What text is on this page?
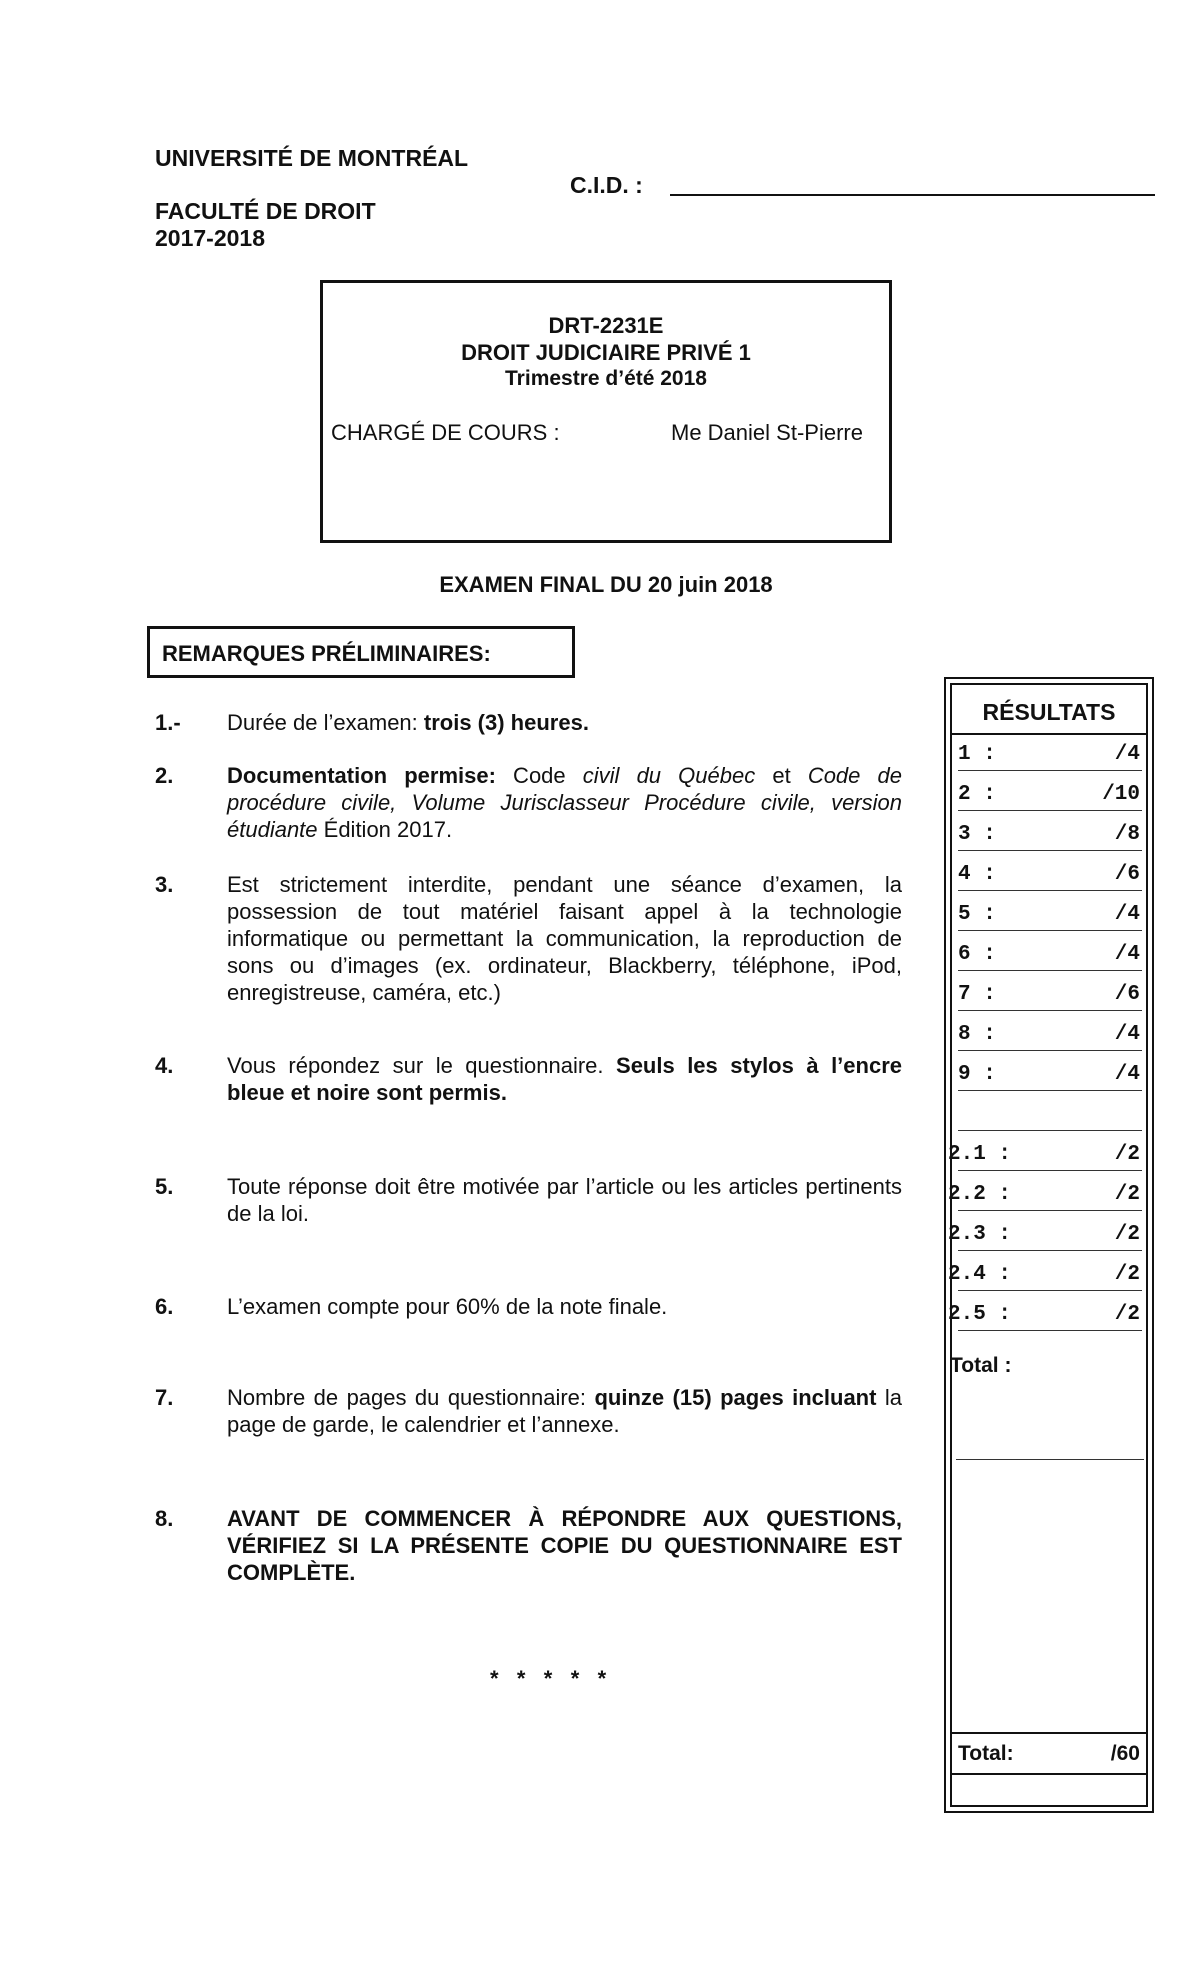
UNIVERSITÉ DE MONTRÉAL
FACULTÉ DE DROIT
2017-2018
C.I.D. :
DRT-2231E
DROIT JUDICIAIRE PRIVÉ 1
Trimestre d’été 2018
CHARGÉ DE COURS :	Me Daniel St-Pierre
EXAMEN FINAL DU 20 juin 2018
REMARQUES PRÉLIMINAIRES:
1.- Durée de l’examen: trois (3) heures.
2. Documentation permise: Code civil du Québec et Code de procédure civile, Volume Jurisclasseur Procédure civile, version étudiante Édition 2017.
3. Est strictement interdite, pendant une séance d’examen, la possession de tout matériel faisant appel à la technologie informatique ou permettant la communication, la reproduction de sons ou d’images (ex. ordinateur, Blackberry, téléphone, iPod, enregistreuse, caméra, etc.)
4. Vous répondez sur le questionnaire. Seuls les stylos à l’encre bleue et noire sont permis.
5. Toute réponse doit être motivée par l’article ou les articles pertinents de la loi.
6. L’examen compte pour 60% de la note finale.
7. Nombre de pages du questionnaire: quinze (15) pages incluant la page de garde, le calendrier et l’annexe.
8. AVANT DE COMMENCER À RÉPONDRE AUX QUESTIONS, VÉRIFIEZ SI LA PRÉSENTE COPIE DU QUESTIONNAIRE EST COMPLÈTE.
*   *   *   *   *
RÉSULTATS
1 :	/4
2 :	/10
3 :	/8
4 :	/6
5 :	/4
6 :	/4
7 :	/6
8 :	/4
9 :	/4
2.1 :	/2
2.2 :	/2
2.3 :	/2
2.4 :	/2
2.5 :	/2
Total :
Total:	/60
